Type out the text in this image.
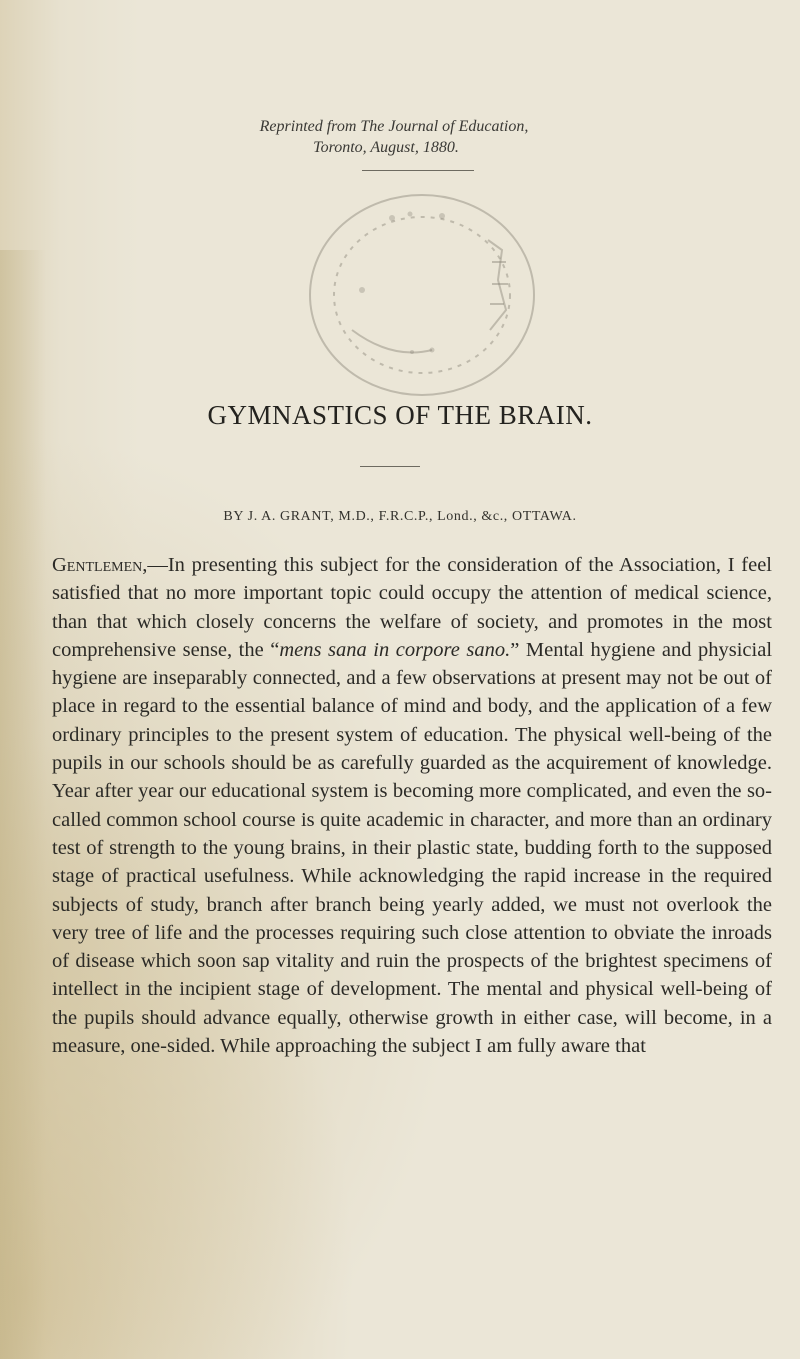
Reprinted from The Journal of Education,
Toronto, August, 1880.
GYMNASTICS OF THE BRAIN.
BY J. A. GRANT, M.D., F.R.C.P., Lond., &c., OTTAWA.
Gentlemen,—In presenting this subject for the consideration of the Association, I feel satisfied that no more important topic could occupy the attention of medical science, than that which closely concerns the welfare of society, and promotes in the most comprehensive sense, the “mens sana in corpore sano.” Mental hygiene and physicial hygiene are inseparably connected, and a few observations at present may not be out of place in regard to the essential balance of mind and body, and the application of a few ordinary principles to the present system of education. The physical well-being of the pupils in our schools should be as carefully guarded as the acquirement of knowledge. Year after year our educational system is becoming more complicated, and even the so-called common school course is quite academic in character, and more than an ordinary test of strength to the young brains, in their plastic state, budding forth to the supposed stage of practical usefulness. While acknowledging the rapid increase in the required subjects of study, branch after branch being yearly added, we must not overlook the very tree of life and the processes requiring such close attention to obviate the inroads of disease which soon sap vitality and ruin the prospects of the brightest specimens of intellect in the incipient stage of development. The mental and physical well-being of the pupils should advance equally, otherwise growth in either case, will become, in a measure, one-sided. While approaching the subject I am fully aware that
